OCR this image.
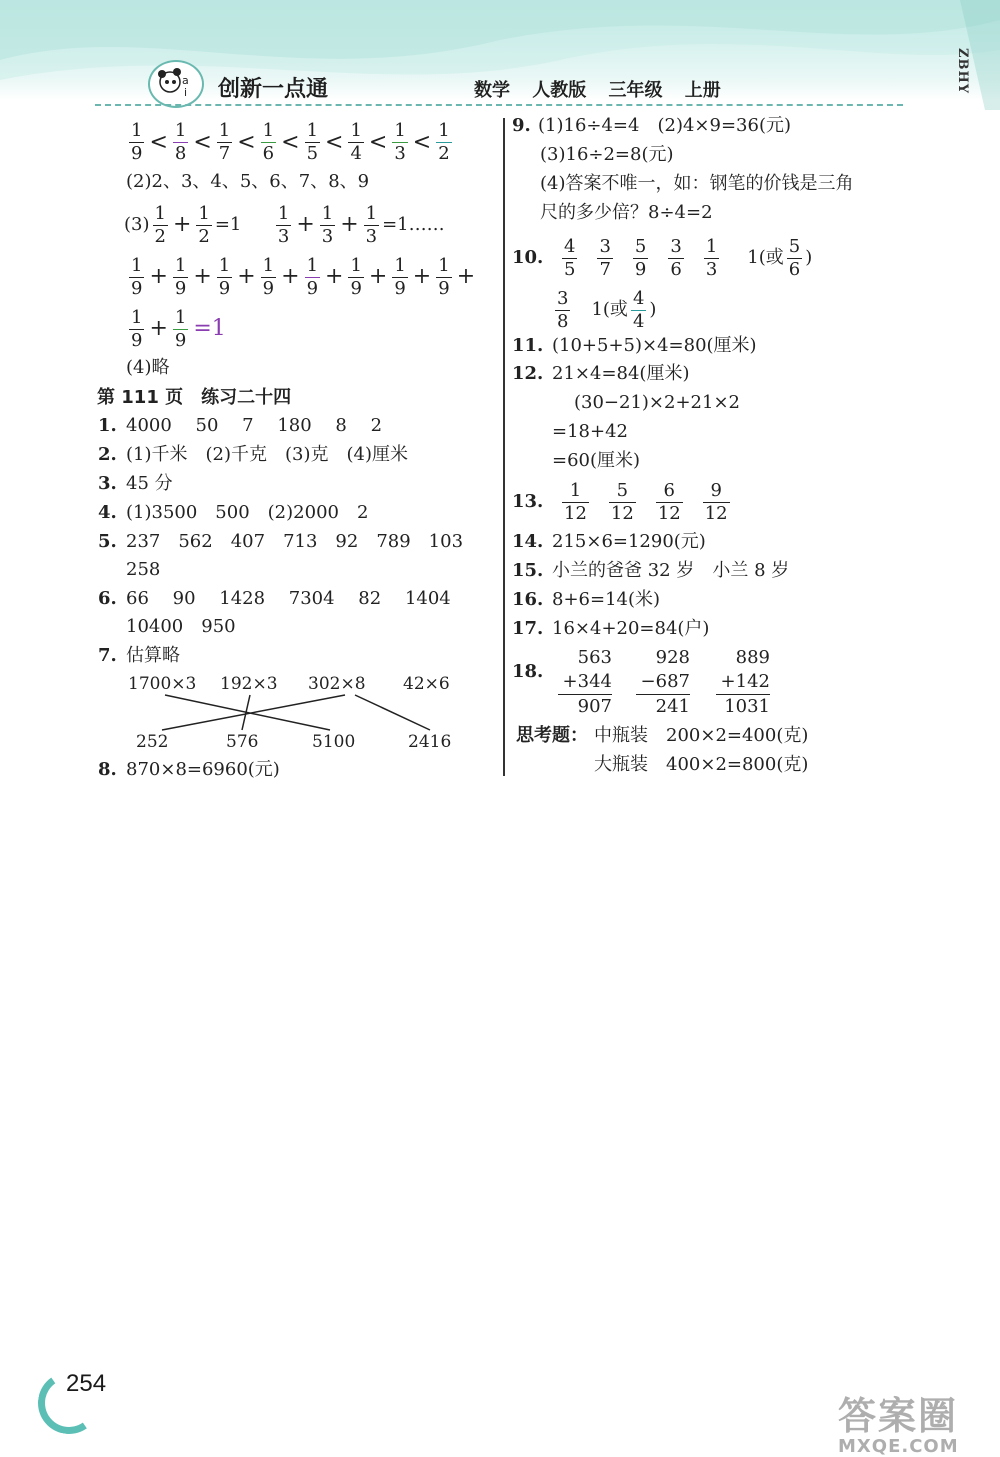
a
i 创新一点通	数学 人教版 三年级 上册	ZBHY
$\frac{1}{9} < \frac{1}{8} < \frac{1}{7} < \frac{1}{6} < \frac{1}{5} < \frac{1}{4} < \frac{1}{3} < \frac{1}{2}$
(2)2、3、4、5、6、7、8、9
$(3) \frac{1}{2} + \frac{1}{2} =1 \frac{1}{3} + \frac{1}{3} + \frac{1}{3}$ =1……
$\frac{1}{9} + \frac{1}{9} + \frac{1}{9} + \frac{1}{9} + \frac{1}{9} + \frac{1}{9} + \frac{1}{9} + \frac{1}{9}$ +
$\frac{1}{9} + \frac{1}{9} =1$
(4)略
第 111 页　练习二十四
1. 4000　 50　 7　 180　 8　 2
2. (1)千米　(2)千克　(3)克　(4)厘米
3. 45 分
4. (1)3500　500　(2)2000　2
5. 237　562　407　713　92　789　103
258
6. 66　 90　 1428　 7304　 82　 1404
10400　950
7. 估算略
1700×3 192×3 302×8 42×6
252	576	5100	2416
8. 870×8=6960(元)
9. (1)16÷4=4　(2)4×9=36(元)
(3)16÷2=8(元)
(4)答案不唯一，如：钢笔的价钱是三角
尺的多少倍？8÷4=2
10. $\frac{4}{5} \frac{3}{7} \frac{5}{9} \frac{3}{6} \frac{1}{3} 1$(或 $\frac{5}{6}$ )
$\frac{3}{8} 1$(或 $\frac{4}{4}$ )
11. (10+5+5)×4=80(厘米)
12. 21×4=84(厘米)
(30−21)×2+21×2
=18+42
=60(厘米)
13. $\frac{1}{12} \frac{5}{12} \frac{6}{12} \frac{9}{12}$
14. 215×6=1290(元)
15. 小兰的爸爸 32 岁　小兰 8 岁
16. 8+6=14(米)
17. 16×4+20=84(户)
18.
563
+344
907
928
−687
241
889
+142
1031
思考题： 中瓶装　200×2=400(克)
大瓶装　400×2=800(克)
254
答案圈
MXQE.COM
